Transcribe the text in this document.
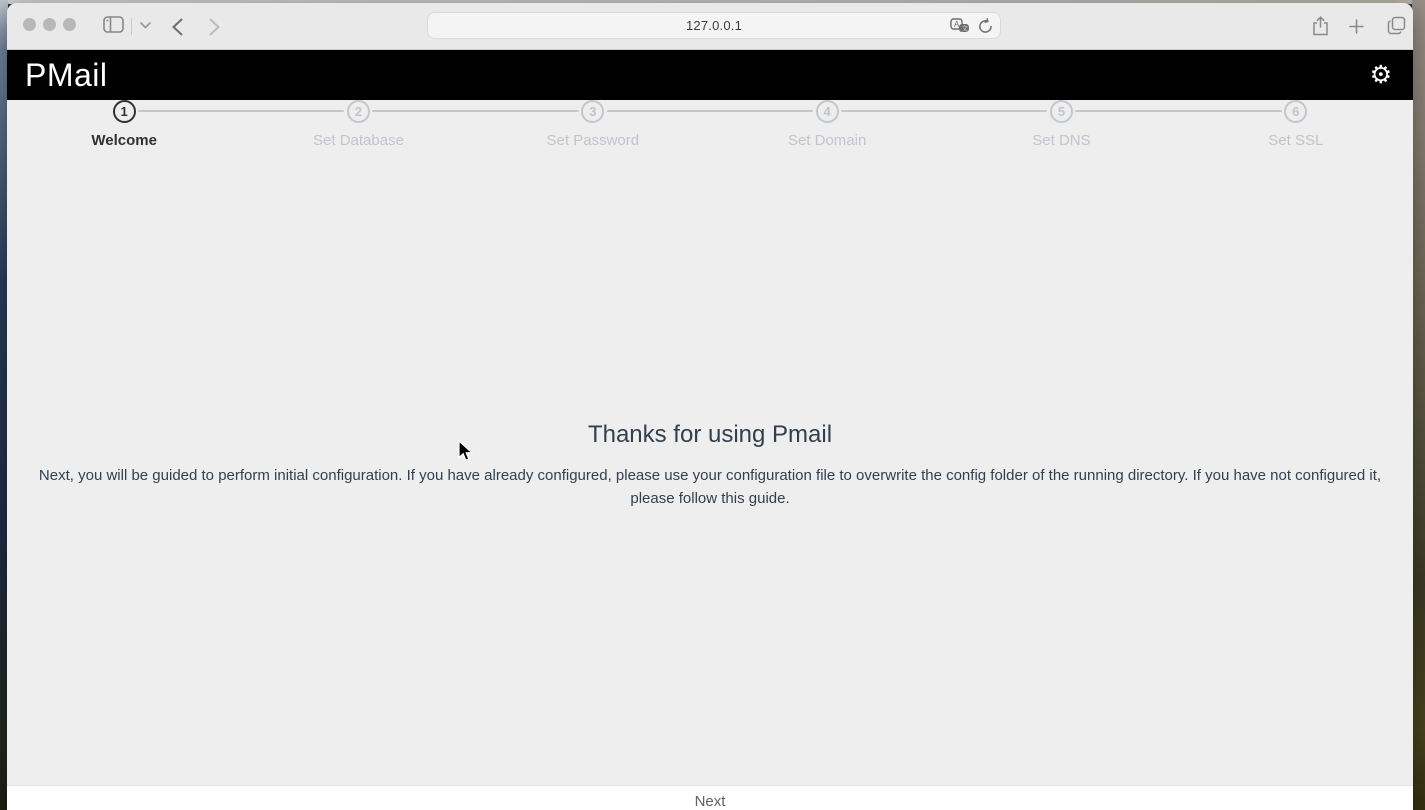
127.0.0.1	A 文
PMail	⚙
1
Welcome
2
Set Database
3
Set Password
4
Set Domain
5
Set DNS
6
Set SSL
Thanks for using Pmail
Next, you will be guided to perform initial configuration. If you have already configured, please use your configuration file to overwrite the config folder of the running directory. If you have not configured it, please follow this guide.
Next
